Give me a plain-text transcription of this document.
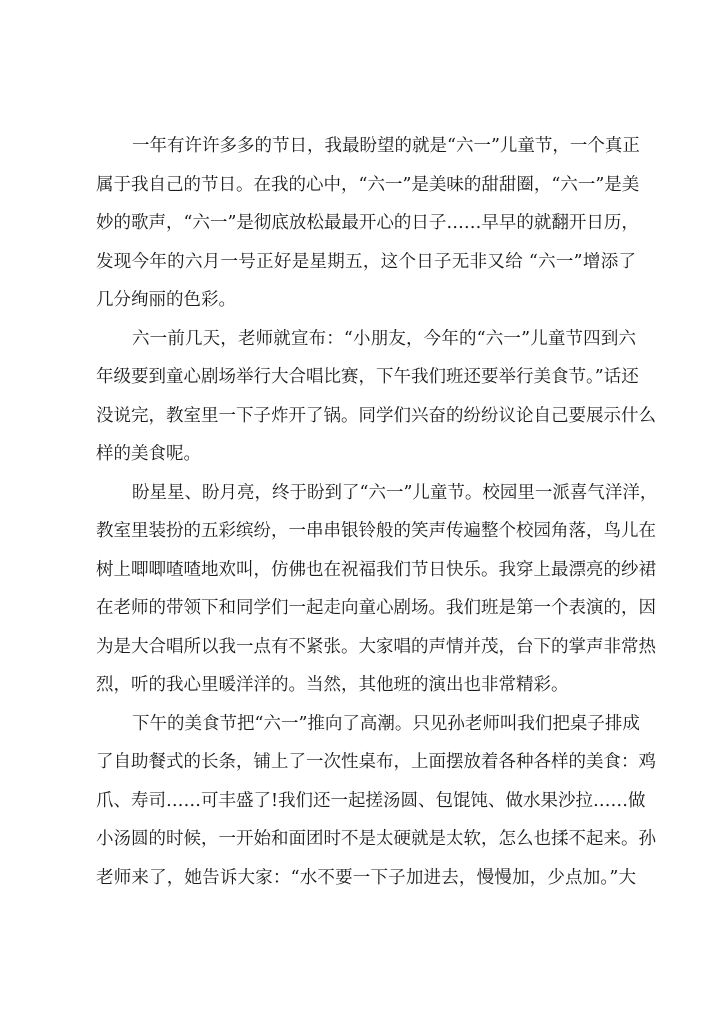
一年有许许多多的节日，我最盼望的就是“六一”儿童节，一个真正
属于我自己的节日。在我的心中，“六一”是美味的甜甜圈，“六一”是美
妙的歌声，“六一”是彻底放松最最开心的日子……早早的就翻开日历，
发现今年的六月一号正好是星期五，这个日子无非又给 “六一”增添了
几分绚丽的色彩。
六一前几天，老师就宣布：“小朋友，今年的“六一”儿童节四到六
年级要到童心剧场举行大合唱比赛，下午我们班还要举行美食节。”话还
没说完，教室里一下子炸开了锅。同学们兴奋的纷纷议论自己要展示什么
样的美食呢。
盼星星、盼月亮，终于盼到了“六一”儿童节。校园里一派喜气洋洋，
教室里装扮的五彩缤纷，一串串银铃般的笑声传遍整个校园角落，鸟儿在
树上唧唧喳喳地欢叫，仿佛也在祝福我们节日快乐。我穿上最漂亮的纱裙
在老师的带领下和同学们一起走向童心剧场。我们班是第一个表演的，因
为是大合唱所以我一点有不紧张。大家唱的声情并茂，台下的掌声非常热
烈，听的我心里暖洋洋的。当然，其他班的演出也非常精彩。
下午的美食节把“六一”推向了高潮。只见孙老师叫我们把桌子排成
了自助餐式的长条，铺上了一次性桌布，上面摆放着各种各样的美食：鸡
爪、寿司……可丰盛了!我们还一起搓汤圆、包馄饨、做水果沙拉……做
小汤圆的时候，一开始和面团时不是太硬就是太软，怎么也揉不起来。孙
老师来了，她告诉大家：“水不要一下子加进去，慢慢加，少点加。”大
